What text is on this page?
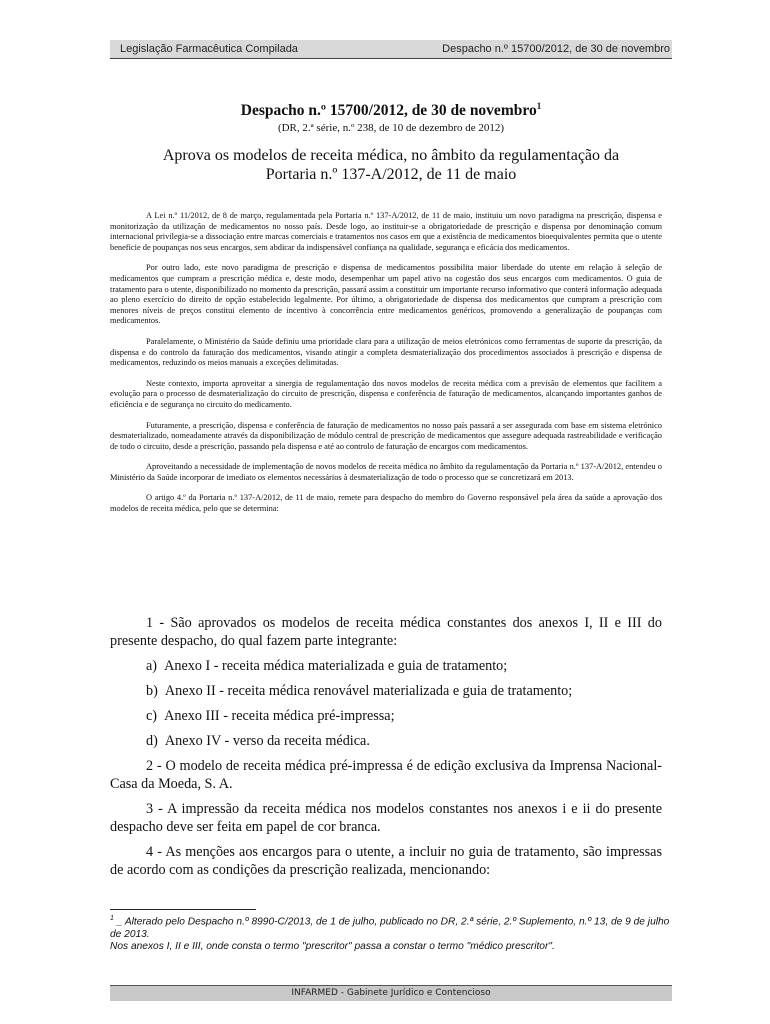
Legislação Farmacêutica Compilada	Despacho n.º 15700/2012, de 30 de novembro
Despacho n.º 15700/2012, de 30 de novembro$^1$
(DR, 2.ª série, n.º 238, de 10 de dezembro de 2012)
Aprova os modelos de receita médica, no âmbito da regulamentação da
Portaria n.º 137-A/2012, de 11 de maio

A Lei n.º 11/2012, de 8 de março, regulamentada pela Portaria n.º 137-A/2012, de 11 de maio, instituiu um novo paradigma na prescrição, dispensa e monitorização da utilização de medicamentos no nosso país. Desde logo, ao instituir-se a obrigatoriedade de prescrição e dispensa por denominação comum internacional privilegia-se a dissociação entre marcas comerciais e tratamentos nos casos em que a existência de medicamentos bioequivalentes permita que o utente beneficie de poupanças nos seus encargos, sem abdicar da indispensável confiança na qualidade, segurança e eficácia dos medicamentos.

Por outro lado, este novo paradigma de prescrição e dispensa de medicamentos possibilita maior liberdade do utente em relação à seleção de medicamentos que cumpram a prescrição médica e, deste modo, desempenhar um papel ativo na cogestão dos seus encargos com medicamentos. O guia de tratamento para o utente, disponibilizado no momento da prescrição, passará assim a constituir um importante recurso informativo que conterá informação adequada ao pleno exercício do direito de opção estabelecido legalmente. Por último, a obrigatoriedade de dispensa dos medicamentos que cumpram a prescrição com menores níveis de preços constitui elemento de incentivo à concorrência entre medicamentos genéricos, promovendo a generalização de poupanças com medicamentos.

Paralelamente, o Ministério da Saúde definiu uma prioridade clara para a utilização de meios eletrónicos como ferramentas de suporte da prescrição, da dispensa e do controlo da faturação dos medicamentos, visando atingir a completa desmaterialização dos procedimentos associados à prescrição e dispensa de medicamentos, reduzindo os meios manuais a exceções delimitadas.

Neste contexto, importa aproveitar a sinergia de regulamentação dos novos modelos de receita médica com a previsão de elementos que facilitem a evolução para o processo de desmaterialização do circuito de prescrição, dispensa e conferência de faturação de medicamentos, alcançando importantes ganhos de eficiência e de segurança no circuito do medicamento.

Futuramente, a prescrição, dispensa e conferência de faturação de medicamentos no nosso país passará a ser assegurada com base em sistema eletrónico desmaterializado, nomeadamente através da disponibilização de módulo central de prescrição de medicamentos que assegure adequada rastreabilidade e verificação de todo o circuito, desde a prescrição, passando pela dispensa e até ao controlo de faturação de encargos com medicamentos.

Aproveitando a necessidade de implementação de novos modelos de receita médica no âmbito da regulamentação da Portaria n.º 137-A/2012, entendeu o Ministério da Saúde incorporar de imediato os elementos necessários à desmaterialização de todo o processo que se concretizará em 2013.

O artigo 4.º da Portaria n.º 137-A/2012, de 11 de maio, remete para despacho do membro do Governo responsável pela área da saúde a aprovação dos modelos de receita médica, pelo que se determina:

1 - São aprovados os modelos de receita médica constantes dos anexos I, II e III do presente despacho, do qual fazem parte integrante:

a)  Anexo I - receita médica materializada e guia de tratamento;

b)  Anexo II - receita médica renovável materializada e guia de tratamento;

c)  Anexo III - receita médica pré-impressa;

d)  Anexo IV - verso da receita médica.

2 - O modelo de receita médica pré-impressa é de edição exclusiva da Imprensa Nacional-Casa da Moeda, S. A.

3 - A impressão da receita médica nos modelos constantes nos anexos i e ii do presente despacho deve ser feita em papel de cor branca.

4 - As menções aos encargos para o utente, a incluir no guia de tratamento, são impressas de acordo com as condições da prescrição realizada, mencionando:

$^1$ _ Alterado pelo Despacho n.º 8990-C/2013, de 1 de julho, publicado no DR, 2.ª série, 2.º Suplemento, n.º 13, de 9 de julho de 2013.
Nos anexos I, II e III, onde consta o termo "prescritor" passa a constar o termo "médico prescritor".
INFARMED - Gabinete Jurídico e Contencioso
